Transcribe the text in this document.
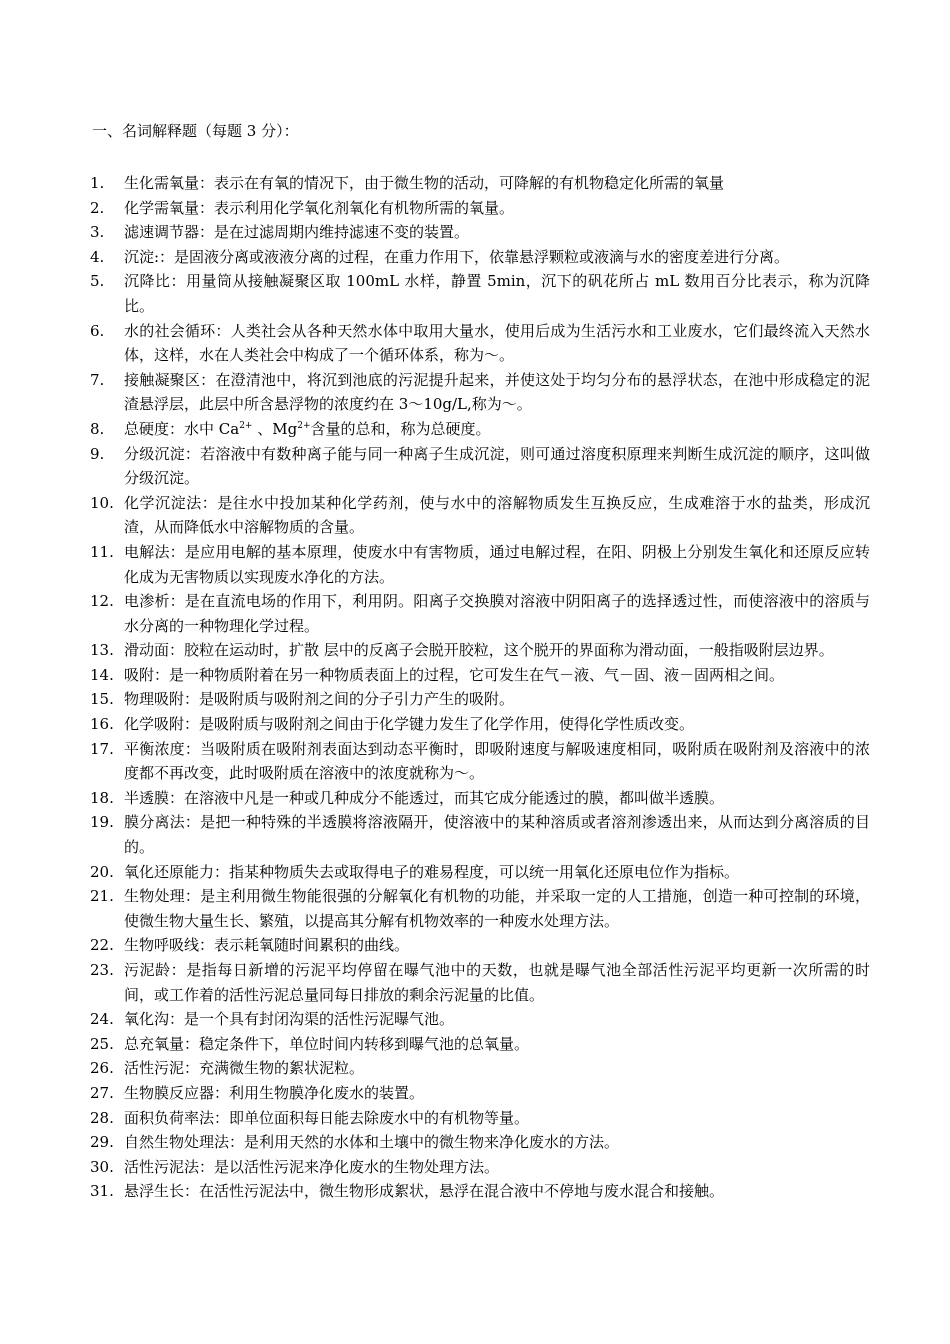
一、名词解释题（每题 3 分）：
1.	生化需氧量：表示在有氧的情况下，由于微生物的活动，可降解的有机物稳定化所需的氧量
2.	化学需氧量：表示利用化学氧化剂氧化有机物所需的氧量。
3.	滤速调节器：是在过滤周期内维持滤速不变的装置。
4.	沉淀:：是固液分离或液液分离的过程，在重力作用下，依靠悬浮颗粒或液滴与水的密度差进行分离。
5.	沉降比：用量筒从接触凝聚区取 100mL 水样，静置 5min，沉下的矾花所占 mL 数用百分比表示，称为沉降比。
6.	水的社会循环：人类社会从各种天然水体中取用大量水，使用后成为生活污水和工业废水，它们最终流入天然水体，这样，水在人类社会中构成了一个循环体系，称为～。
7.	接触凝聚区：在澄清池中，将沉到池底的污泥提升起来，并使这处于均匀分布的悬浮状态，在池中形成稳定的泥渣悬浮层，此层中所含悬浮物的浓度约在 3～10g/L,称为～。
8.	总硬度：水中 $Ca^{2+}$ 、$Mg^{2+}$含量的总和，称为总硬度。
9.	分级沉淀：若溶液中有数种离子能与同一种离子生成沉淀，则可通过溶度积原理来判断生成沉淀的顺序，这叫做分级沉淀。
10. 化学沉淀法：是往水中投加某种化学药剂，使与水中的溶解物质发生互换反应，生成难溶于水的盐类，形成沉渣，从而降低水中溶解物质的含量。
11. 电解法：是应用电解的基本原理，使废水中有害物质，通过电解过程，在阳、阴极上分别发生氧化和还原反应转化成为无害物质以实现废水净化的方法。
12. 电渗析：是在直流电场的作用下，利用阴。阳离子交换膜对溶液中阴阳离子的选择透过性，而使溶液中的溶质与水分离的一种物理化学过程。
13. 滑动面：胶粒在运动时，扩散 层中的反离子会脱开胶粒，这个脱开的界面称为滑动面，一般指吸附层边界。
14. 吸附：是一种物质附着在另一种物质表面上的过程，它可发生在气－液、气－固、液－固两相之间。
15. 物理吸附：是吸附质与吸附剂之间的分子引力产生的吸附。
16. 化学吸附：是吸附质与吸附剂之间由于化学键力发生了化学作用，使得化学性质改变。
17. 平衡浓度：当吸附质在吸附剂表面达到动态平衡时，即吸附速度与解吸速度相同，吸附质在吸附剂及溶液中的浓度都不再改变，此时吸附质在溶液中的浓度就称为～。
18. 半透膜：在溶液中凡是一种或几种成分不能透过，而其它成分能透过的膜，都叫做半透膜。
19. 膜分离法：是把一种特殊的半透膜将溶液隔开，使溶液中的某种溶质或者溶剂渗透出来，从而达到分离溶质的目的。
20. 氧化还原能力：指某种物质失去或取得电子的难易程度，可以统一用氧化还原电位作为指标。
21. 生物处理：是主利用微生物能很强的分解氧化有机物的功能，并采取一定的人工措施，创造一种可控制的环境，使微生物大量生长、繁殖，以提高其分解有机物效率的一种废水处理方法。
22. 生物呼吸线：表示耗氧随时间累积的曲线。
23. 污泥龄：是指每日新增的污泥平均停留在曝气池中的天数，也就是曝气池全部活性污泥平均更新一次所需的时间，或工作着的活性污泥总量同每日排放的剩余污泥量的比值。
24. 氧化沟：是一个具有封闭沟渠的活性污泥曝气池。
25. 总充氧量：稳定条件下，单位时间内转移到曝气池的总氧量。
26. 活性污泥：充满微生物的絮状泥粒。
27. 生物膜反应器：利用生物膜净化废水的装置。
28. 面积负荷率法：即单位面积每日能去除废水中的有机物等量。
29. 自然生物处理法：是利用天然的水体和土壤中的微生物来净化废水的方法。
30. 活性污泥法：是以活性污泥来净化废水的生物处理方法。
31. 悬浮生长：在活性污泥法中，微生物形成絮状，悬浮在混合液中不停地与废水混合和接触。
